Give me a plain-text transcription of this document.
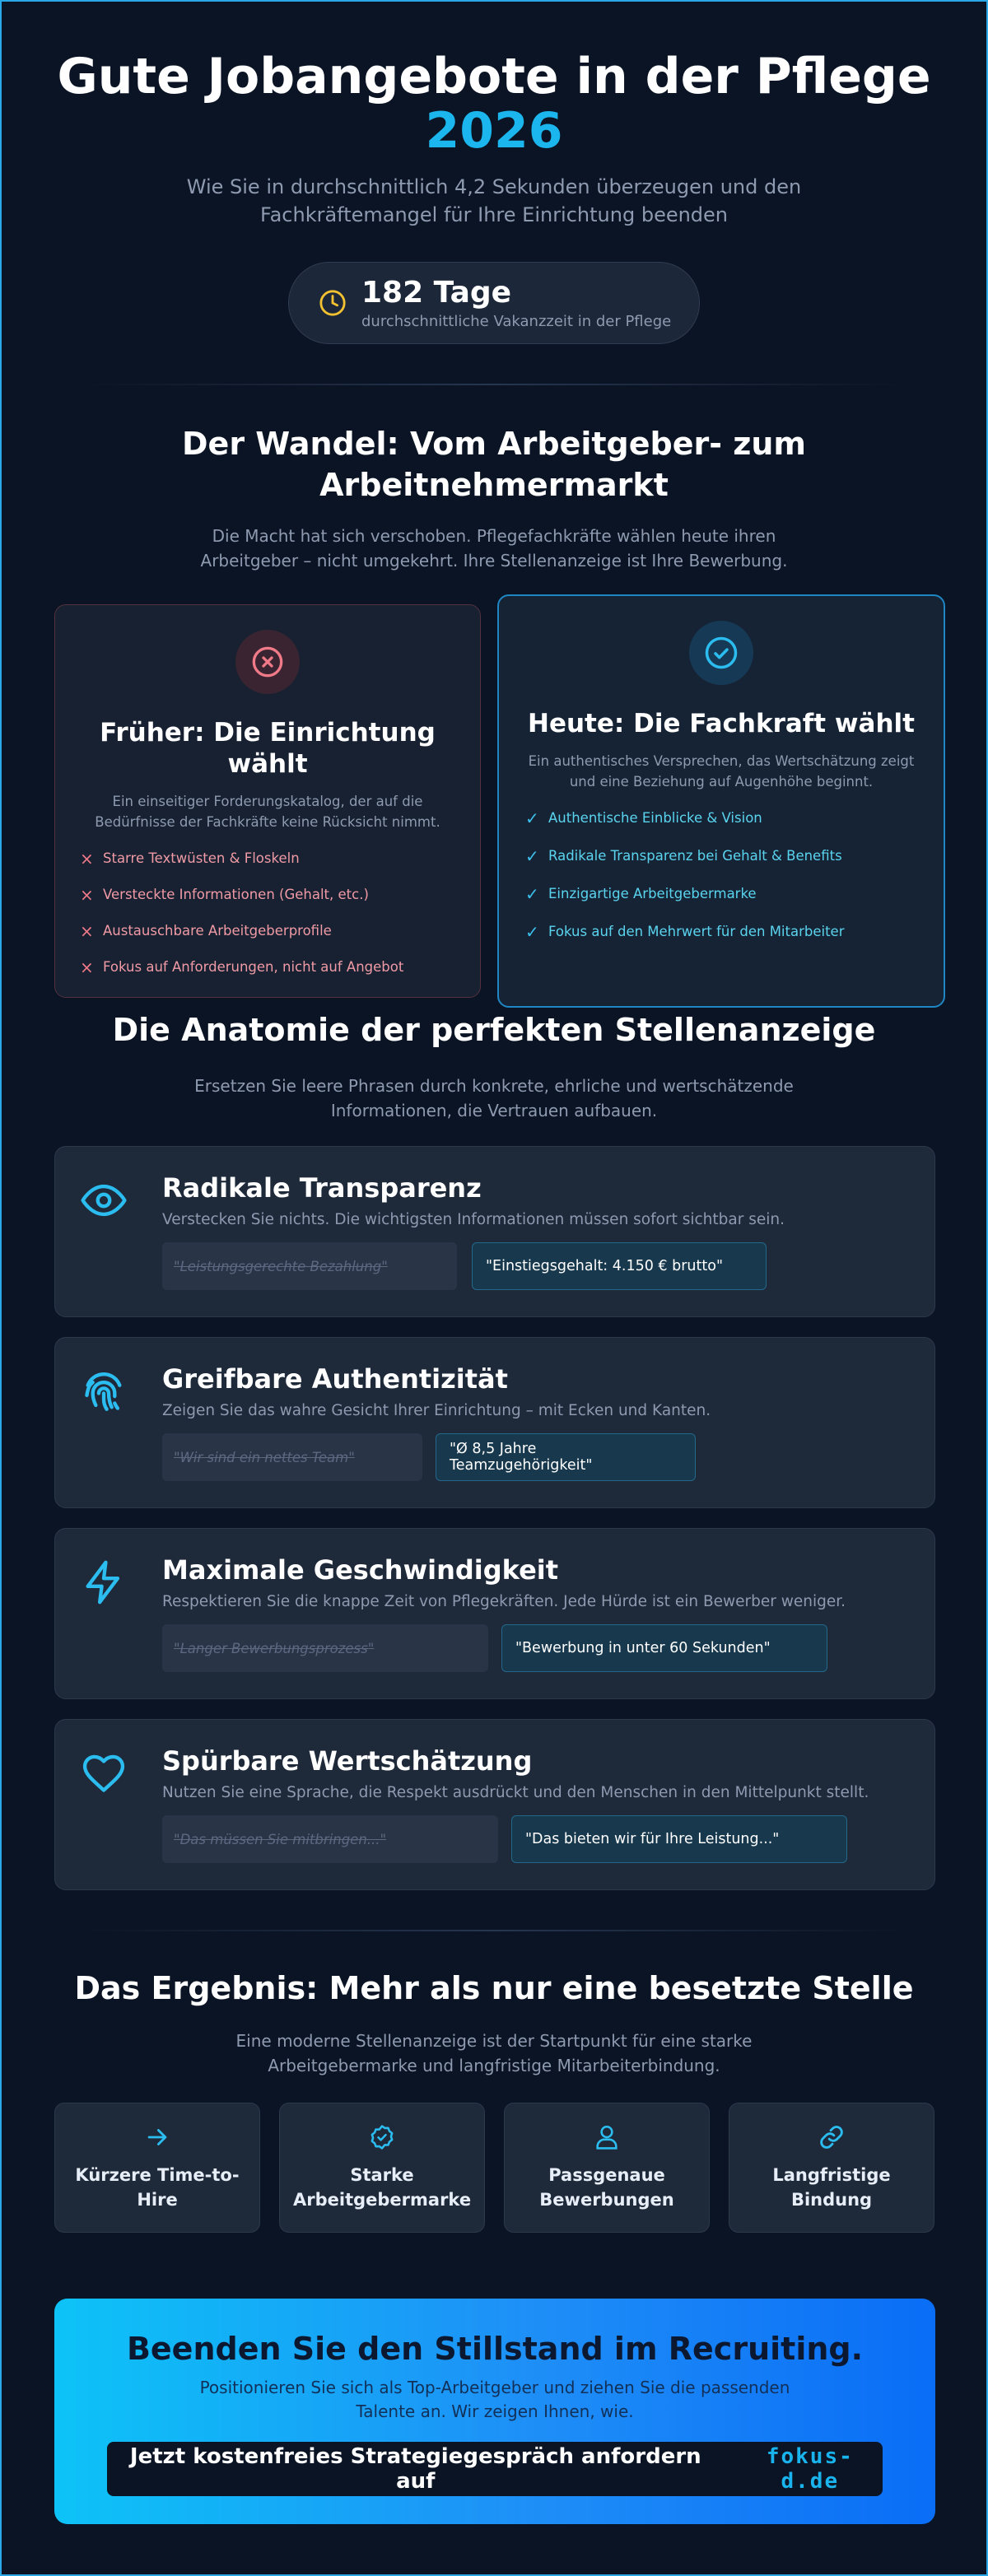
Gute Jobangebote in der Pflege
2026

Wie Sie in durchschnittlich 4,2 Sekunden überzeugen und den Fachkräftemangel für Ihre Einrichtung beenden

182 Tage
durchschnittliche Vakanzzeit in der Pflege
Der Wandel: Vom Arbeitgeber- zum Arbeitnehmermarkt

Die Macht hat sich verschoben. Pflegefachkräfte wählen heute ihren Arbeitgeber – nicht umgekehrt. Ihre Stellenanzeige ist Ihre Bewerbung.

Früher: Die Einrichtung wählt
Ein einseitiger Forderungskatalog, der auf die Bedürfnisse der Fachkräfte keine Rücksicht nimmt.
× Starre Textwüsten & Floskeln
× Versteckte Informationen (Gehalt, etc.)
× Austauschbare Arbeitgeberprofile
× Fokus auf Anforderungen, nicht auf Angebot
Heute: Die Fachkraft wählt
Ein authentisches Versprechen, das Wertschätzung zeigt und eine Beziehung auf Augenhöhe beginnt.
✓ Authentische Einblicke & Vision
✓ Radikale Transparenz bei Gehalt & Benefits
✓ Einzigartige Arbeitgebermarke
✓ Fokus auf den Mehrwert für den Mitarbeiter
Die Anatomie der perfekten Stellenanzeige

Ersetzen Sie leere Phrasen durch konkrete, ehrliche und wertschätzende Informationen, die Vertrauen aufbauen.

Radikale Transparenz
Verstecken Sie nichts. Die wichtigsten Informationen müssen sofort sichtbar sein.
"Leistungsgerechte Bezahlung"	"Einstiegsgehalt: 4.150 € brutto"
Greifbare Authentizität
Zeigen Sie das wahre Gesicht Ihrer Einrichtung – mit Ecken und Kanten.
"Wir sind ein nettes Team"	"Ø 8,5 Jahre Teamzugehörigkeit"
Maximale Geschwindigkeit
Respektieren Sie die knappe Zeit von Pflegekräften. Jede Hürde ist ein Bewerber weniger.
"Langer Bewerbungsprozess"	"Bewerbung in unter 60 Sekunden"
Spürbare Wertschätzung
Nutzen Sie eine Sprache, die Respekt ausdrückt und den Menschen in den Mittelpunkt stellt.
"Das müssen Sie mitbringen..."	"Das bieten wir für Ihre Leistung..."
Das Ergebnis: Mehr als nur eine besetzte Stelle

Eine moderne Stellenanzeige ist der Startpunkt für eine starke Arbeitgebermarke und langfristige Mitarbeiterbindung.

Kürzere Time-to-Hire
Starke Arbeitgebermarke
Passgenaue Bewerbungen
Langfristige Bindung
Beenden Sie den Stillstand im Recruiting.
Positionieren Sie sich als Top-Arbeitgeber und ziehen Sie die passenden Talente an. Wir zeigen Ihnen, wie.
Jetzt kostenfreies Strategiegespräch anfordern auf
fokus-d.de
